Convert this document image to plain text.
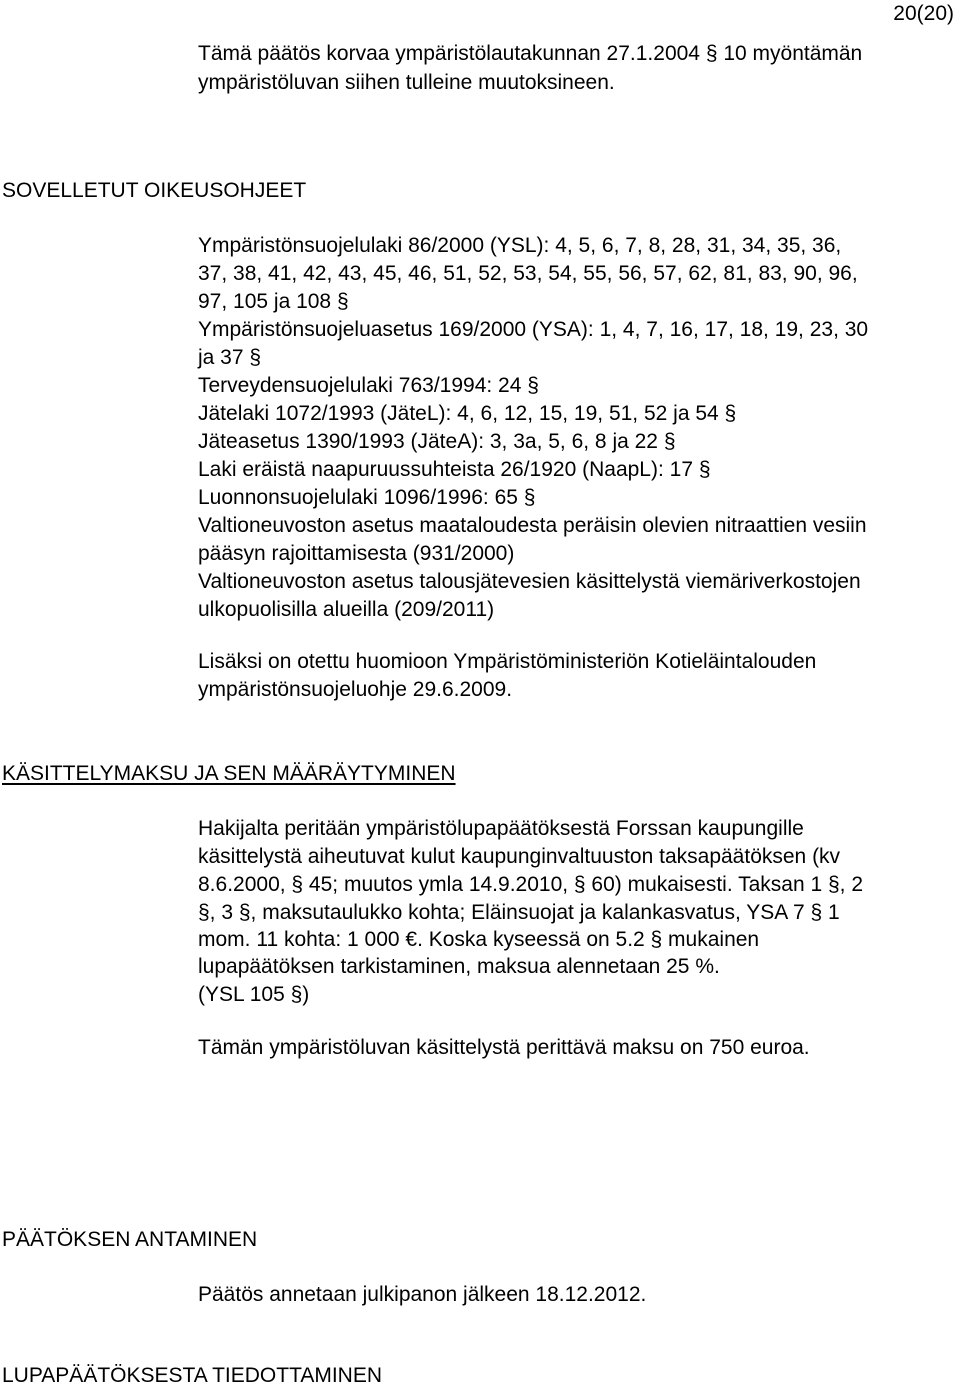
20(20)
Tämä päätös korvaa ympäristölautakunnan 27.1.2004 § 10 myöntämän
ympäristöluvan siihen tulleine muutoksineen.
SOVELLETUT OIKEUSOHJEET
Ympäristönsuojelulaki 86/2000 (YSL): 4, 5, 6, 7, 8, 28, 31, 34, 35, 36,
37, 38, 41, 42, 43, 45, 46, 51, 52, 53, 54, 55, 56, 57, 62, 81, 83, 90, 96,
97, 105 ja 108 §
Ympäristönsuojeluasetus 169/2000 (YSA): 1, 4, 7, 16, 17, 18, 19, 23, 30
ja 37 §
Terveydensuojelulaki 763/1994: 24 §
Jätelaki 1072/1993 (JäteL): 4, 6, 12, 15, 19, 51, 52 ja 54 §
Jäteasetus 1390/1993 (JäteA): 3, 3a, 5, 6, 8 ja 22 §
Laki eräistä naapuruussuhteista 26/1920 (NaapL): 17 §
Luonnonsuojelulaki 1096/1996: 65 §
Valtioneuvoston asetus maataloudesta peräisin olevien nitraattien vesiin
pääsyn rajoittamisesta (931/2000)
Valtioneuvoston asetus talousjätevesien käsittelystä viemäriverkostojen
ulkopuolisilla alueilla (209/2011)
Lisäksi on otettu huomioon Ympäristöministeriön Kotieläintalouden
ympäristönsuojeluohje 29.6.2009.
KÄSITTELYMAKSU JA SEN MÄÄRÄYTYMINEN
Hakijalta peritään ympäristölupapäätöksestä Forssan kaupungille
käsittelystä aiheutuvat kulut kaupunginvaltuuston taksapäätöksen (kv
8.6.2000, § 45; muutos ymla 14.9.2010, § 60) mukaisesti. Taksan 1 §, 2
§, 3 §, maksutaulukko kohta; Eläinsuojat ja kalankasvatus, YSA 7 § 1
mom. 11 kohta: 1 000 €. Koska kyseessä on 5.2 § mukainen
lupapäätöksen tarkistaminen, maksua alennetaan 25 %.
(YSL 105 §)
Tämän ympäristöluvan käsittelystä perittävä maksu on 750 euroa.
PÄÄTÖKSEN ANTAMINEN
Päätös annetaan julkipanon jälkeen 18.12.2012.
LUPAPÄÄTÖKSESTA TIEDOTTAMINEN
